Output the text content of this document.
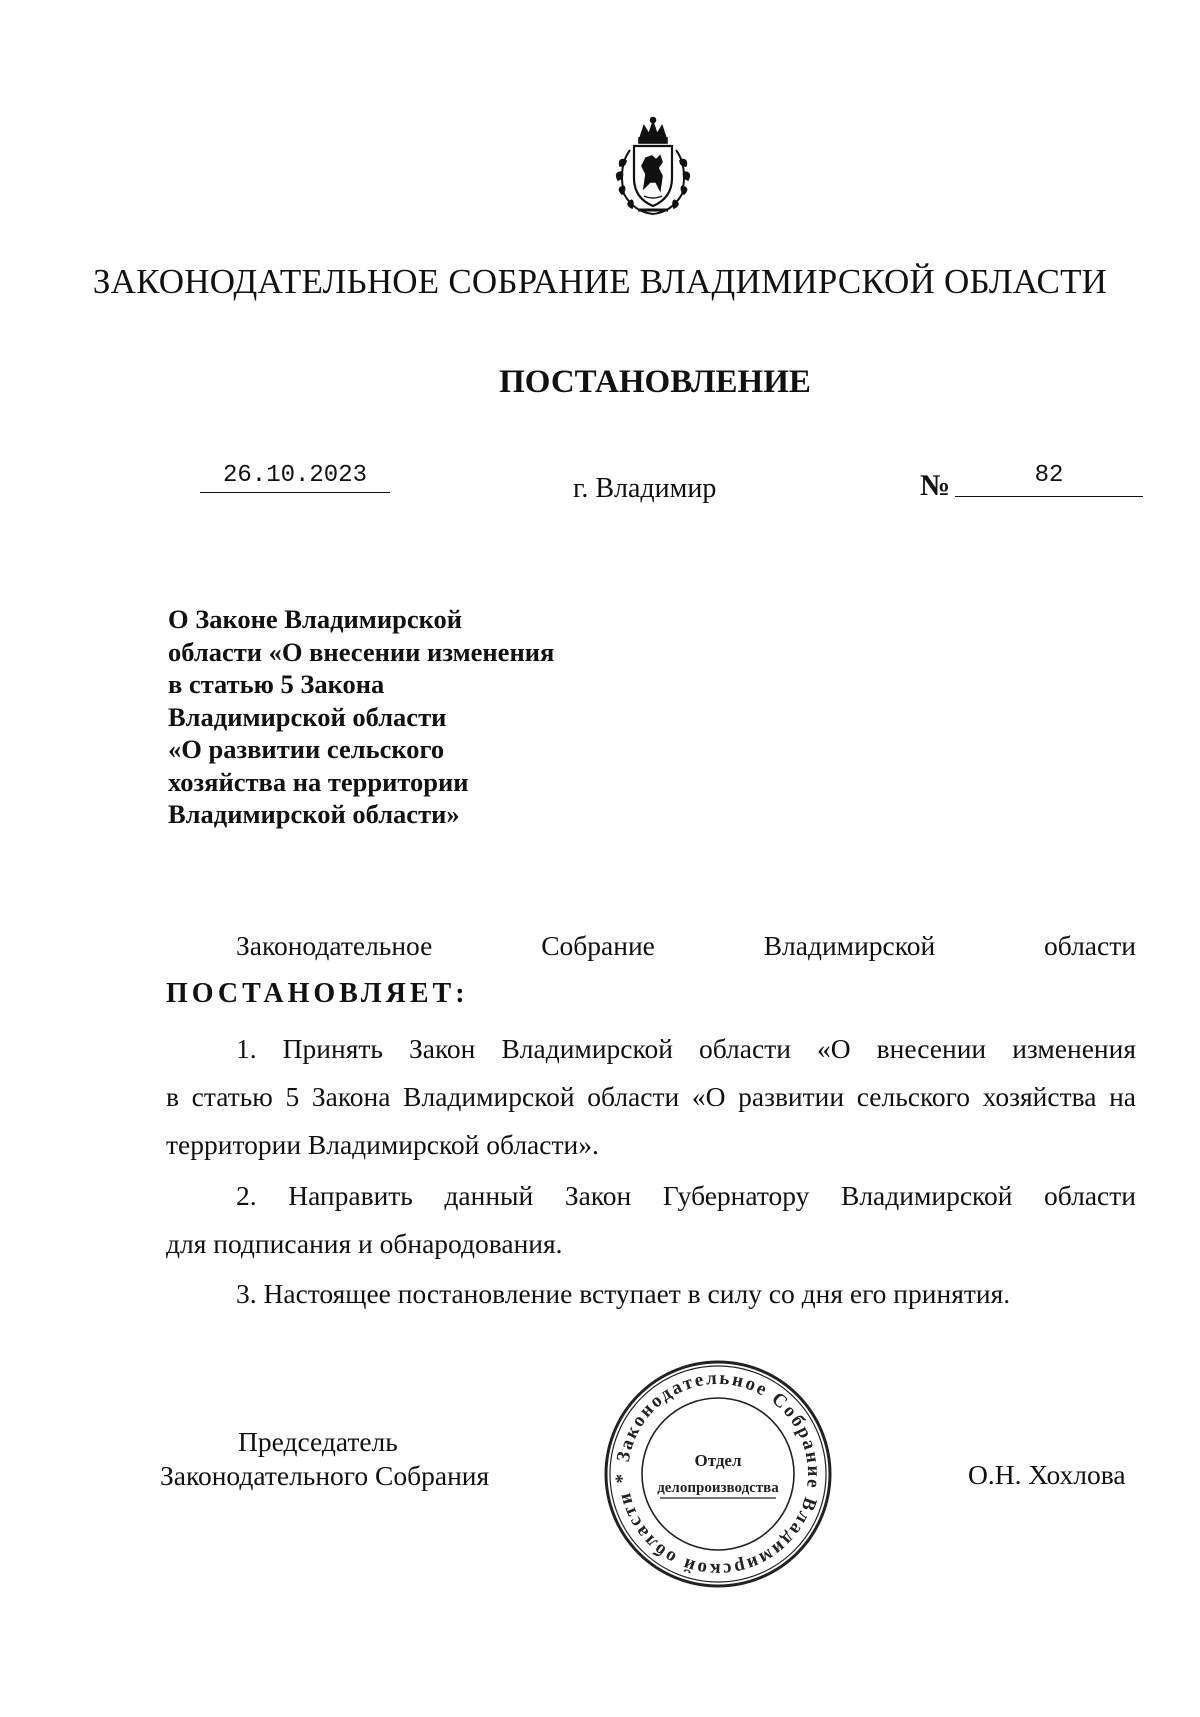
ЗАКОНОДАТЕЛЬНОЕ СОБРАНИЕ ВЛАДИМИРСКОЙ ОБЛАСТИ
ПОСТАНОВЛЕНИЕ
26.10.2023	г. Владимир	№	82
О Законе Владимирской
области «О внесении изменения
в статью 5 Закона
Владимирской области
«О развитии сельского
хозяйства на территории
Владимирской области»
Законодательное	Собрание	Владимирской	области
ПОСТАНОВЛЯЕТ:
1. Принять Закон Владимирской области «О внесении изменения
в статью 5 Закона Владимирской области «О развитии сельского хозяйства на территории Владимирской области».
2. Направить данный Закон Губернатору Владимирской области
для подписания и обнародования.
3. Настоящее постановление вступает в силу со дня его принятия.
Председатель
Законодательного Собрания
Законодательное Собрание Владимирской области *
Отдел
делопроизводства	О.Н. Хохлова
